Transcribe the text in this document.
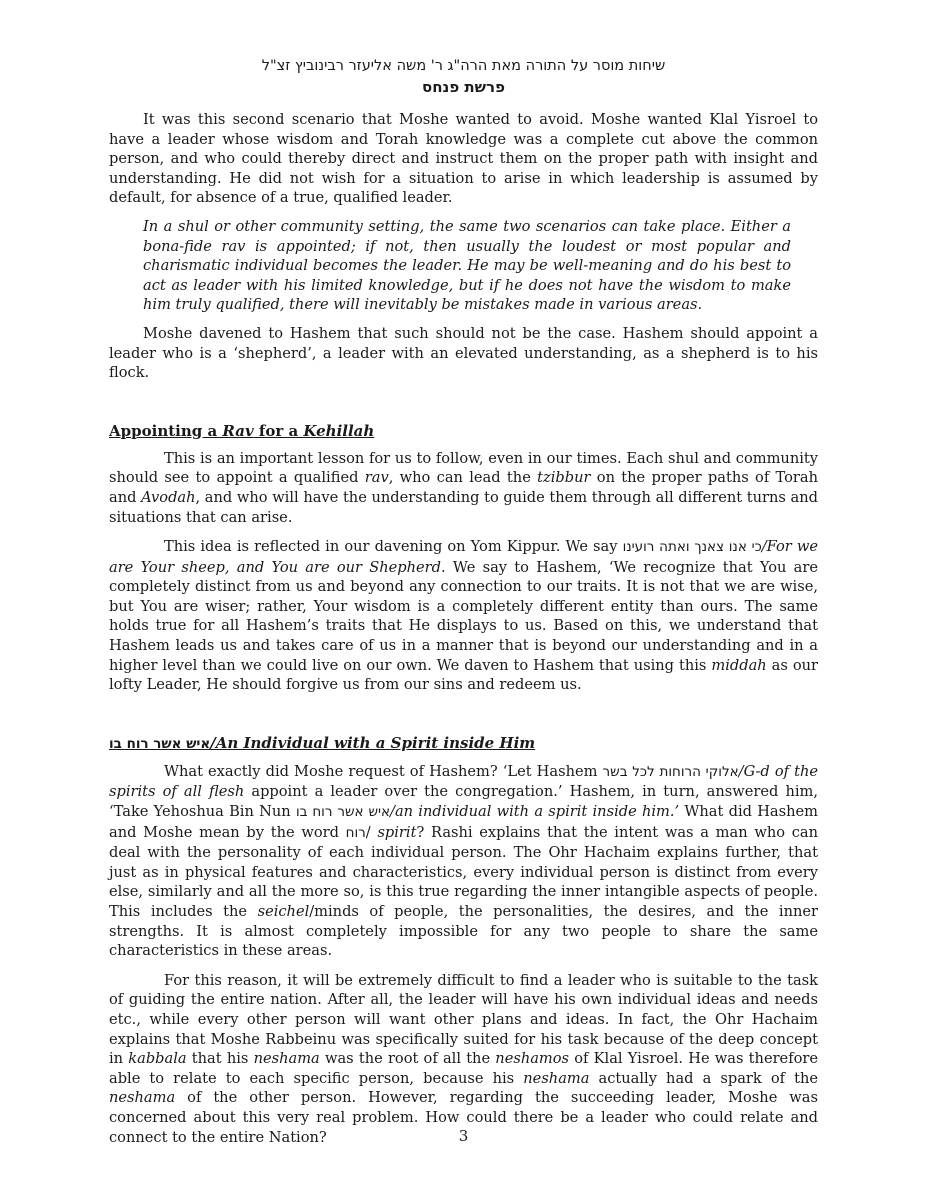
שיחות מוסר על התורה מאת הרה"ג ר' משה אליעזר רבינוביץ זצ"ל
פרשת פנחס

It was this second scenario that Moshe wanted to avoid. Moshe wanted Klal Yisroel to have a leader whose wisdom and Torah knowledge was a complete cut above the common person, and who could thereby direct and instruct them on the proper path with insight and understanding. He did not wish for a situation to arise in which leadership is assumed by default, for absence of a true, qualified leader.

In a shul or other community setting, the same two scenarios can take place. Either a bona-fide rav is appointed; if not, then usually the loudest or most popular and charismatic individual becomes the leader. He may be well-meaning and do his best to act as leader with his limited knowledge, but if he does not have the wisdom to make him truly qualified, there will inevitably be mistakes made in various areas.

Moshe davened to Hashem that such should not be the case. Hashem should appoint a leader who is a ‘shepherd’, a leader with an elevated understanding, as a shepherd is to his flock.

Appointing a Rav for a Kehillah

This is an important lesson for us to follow, even in our times. Each shul and community should see to appoint a qualified rav, who can lead the tzibbur on the proper paths of Torah and Avodah, and who will have the understanding to guide them through all different turns and situations that can arise.

This idea is reflected in our davening on Yom Kippur. We say כי אנו צאנך ואתה רועינו/For we are Your sheep, and You are our Shepherd. We say to Hashem, ‘We recognize that You are completely distinct from us and beyond any connection to our traits. It is not that we are wise, but You are wiser; rather, Your wisdom is a completely different entity than ours. The same holds true for all Hashem’s traits that He displays to us. Based on this, we understand that Hashem leads us and takes care of us in a manner that is beyond our understanding and in a higher level than we could live on our own. We daven to Hashem that using this middah as our lofty Leader, He should forgive us from our sins and redeem us.

איש אשר רוח בו/An Individual with a Spirit inside Him

What exactly did Moshe request of Hashem? ‘Let Hashem אלוקי הרוחות לכל בשר/G-d of the spirits of all flesh appoint a leader over the congregation.’ Hashem, in turn, answered him, ‘Take Yehoshua Bin Nun איש אשר רוח בו/an individual with a spirit inside him.’ What did Hashem and Moshe mean by the word רוח/ spirit? Rashi explains that the intent was a man who can deal with the personality of each individual person. The Ohr Hachaim explains further, that just as in physical features and characteristics, every individual person is distinct from every else, similarly and all the more so, is this true regarding the inner intangible aspects of people. This includes the seichel/minds of people, the personalities, the desires, and the inner strengths. It is almost completely impossible for any two people to share the same characteristics in these areas.

For this reason, it will be extremely difficult to find a leader who is suitable to the task of guiding the entire nation. After all, the leader will have his own individual ideas and needs etc., while every other person will want other plans and ideas. In fact, the Ohr Hachaim explains that Moshe Rabbeinu was specifically suited for his task because of the deep concept in kabbala that his neshama was the root of all the neshamos of Klal Yisroel. He was therefore able to relate to each specific person, because his neshama actually had a spark of the neshama of the other person. However, regarding the succeeding leader, Moshe was concerned about this very real problem. How could there be a leader who could relate and connect to the entire Nation?	3
